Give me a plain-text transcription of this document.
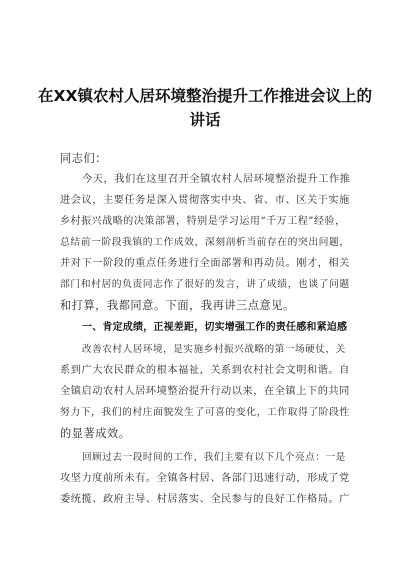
在XX镇农村人居环境整治提升工作推进会议上的
讲话
同志们：
今天，我们在这里召开全镇农村人居环境整治提升工作推
进会议，主要任务是深入贯彻落实中央、省、市、区关于实施
乡村振兴战略的决策部署，特别是学习运用“千万工程”经验，
总结前一阶段我镇的工作成效，深刻剖析当前存在的突出问题，
并对下一阶段的重点任务进行全面部署和再动员。刚才，相关
部门和村居的负责同志作了很好的发言，讲了成绩，也谈了问题
和打算，我都同意。下面，我再讲三点意见。
一、肯定成绩，正视差距，切实增强工作的责任感和紧迫感
改善农村人居环境，是实施乡村振兴战略的第一场硬仗，关
系到广大农民群众的根本福祉，关系到农村社会文明和谐。自
全镇启动农村人居环境整治提升行动以来，在全镇上下的共同
努力下，我们的村庄面貌发生了可喜的变化，工作取得了阶段性
的显著成效。
回顾过去一段时间的工作，我们主要有以下几个亮点：一是
攻坚力度前所未有。全镇各村居、各部门迅速行动，形成了党
委统揽、政府主导、村居落实、全民参与的良好工作格局。广
